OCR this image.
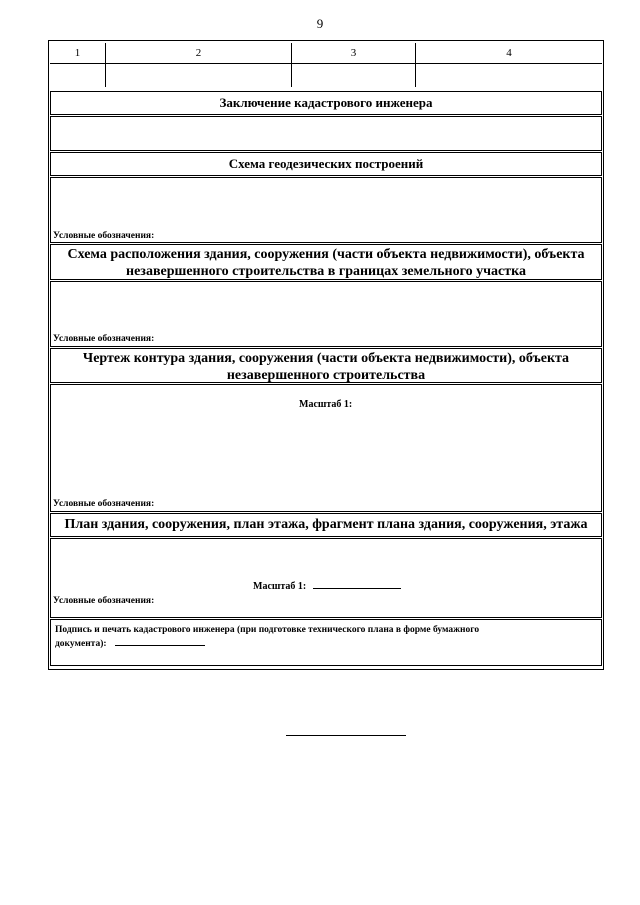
9
1	2	3	4
Заключение кадастрового инженера
Схема геодезических построений
Условные обозначения:
Схема расположения здания, сооружения (части объекта недвижимости), объекта
незавершенного строительства в границах земельного участка
Условные обозначения:
Чертеж контура здания, сооружения (части объекта недвижимости), объекта
незавершенного строительства
Масштаб 1:
Условные обозначения:
План здания, сооружения, план этажа, фрагмент плана здания, сооружения, этажа
Масштаб 1:
Условные обозначения:
Подпись и печать кадастрового инженера (при подготовке технического плана в форме бумажного
документа):
